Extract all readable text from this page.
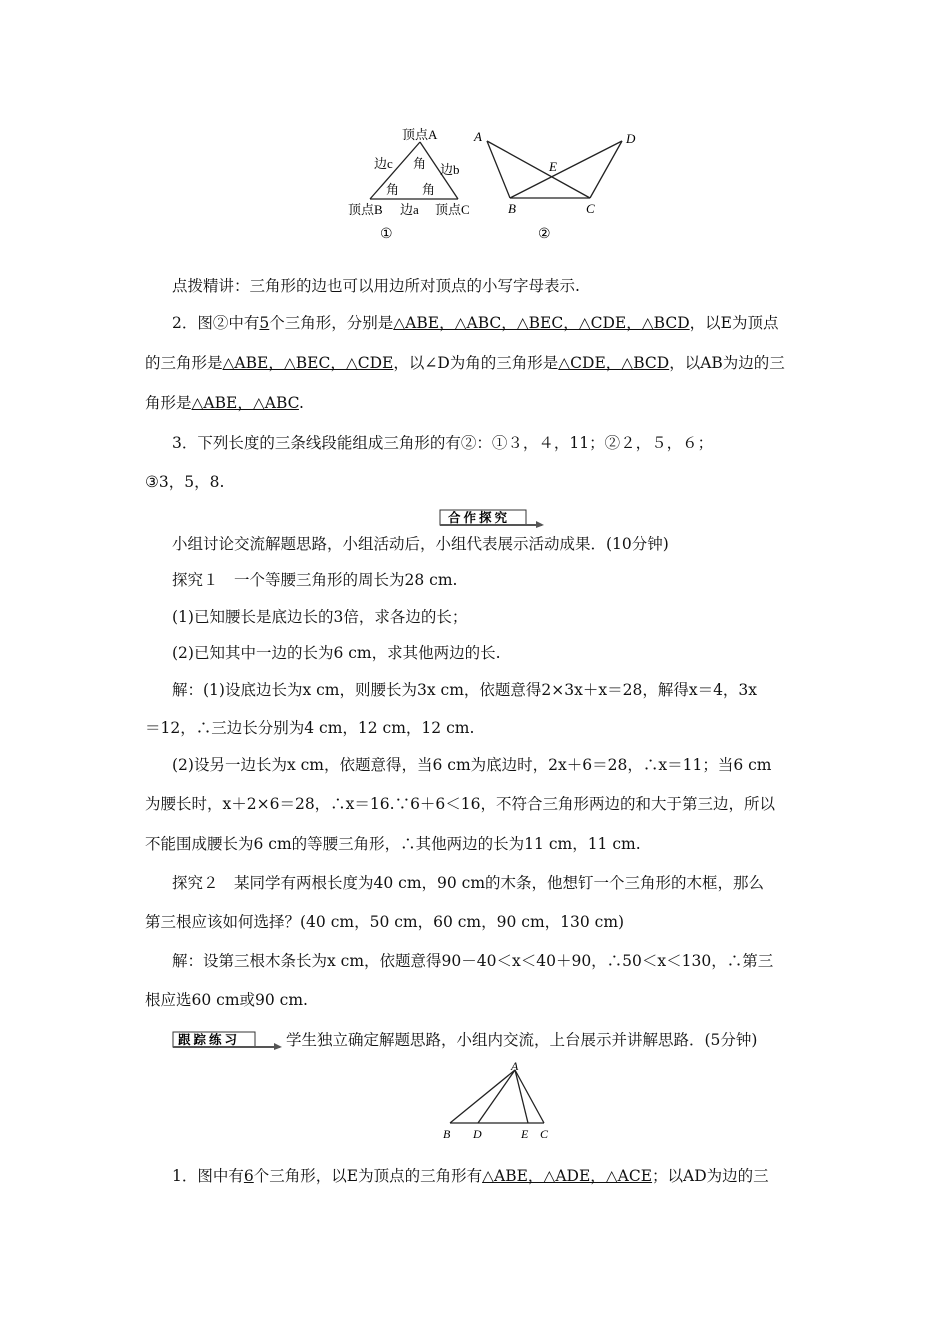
顶点A
边c 角 边b
角 角
顶点B 边a 顶点C
①
A	D
E
B	C
②
点拨精讲：三角形的边也可以用边所对顶点的小写字母表示.
2．图②中有5个三角形，分别是△ABE，△ABC，△BEC，△CDE，△BCD，以E为顶点
的三角形是△ABE，△BEC，△CDE，以∠D为角的三角形是△CDE，△BCD，以AB为边的三
角形是△ABE，△ABC.
3．下列长度的三条线段能组成三角形的有②：①３，４，11；②２，５，６；
③3，5，8.
合作探究
小组讨论交流解题思路，小组活动后，小组代表展示活动成果．(10分钟)
探究１　一个等腰三角形的周长为28 cm.
(1)已知腰长是底边长的3倍，求各边的长；
(2)已知其中一边的长为6 cm，求其他两边的长.
解：(1)设底边长为x cm，则腰长为3x cm，依题意得2×3x＋x＝28，解得x＝4，3x
＝12，∴三边长分别为4 cm，12 cm，12 cm.
(2)设另一边长为x cm，依题意得，当6 cm为底边时，2x＋6＝28，∴x＝11；当6 cm
为腰长时，x＋2×6＝28，∴x＝16.∵6＋6＜16，不符合三角形两边的和大于第三边，所以
不能围成腰长为6 cm的等腰三角形，∴其他两边的长为11 cm，11 cm.
探究２　某同学有两根长度为40 cm，90 cm的木条，他想钉一个三角形的木框，那么
第三根应该如何选择？(40 cm，50 cm，60 cm，90 cm，130 cm)
解：设第三根木条长为x cm，依题意得90－40＜x＜40＋90，∴50＜x＜130，∴第三
根应选60 cm或90 cm.
跟踪练习	学生独立确定解题思路，小组内交流，上台展示并讲解思路．(5分钟)
A
B D	E C
1．图中有6个三角形，以E为顶点的三角形有△ABE，△ADE，△ACE；以AD为边的三
